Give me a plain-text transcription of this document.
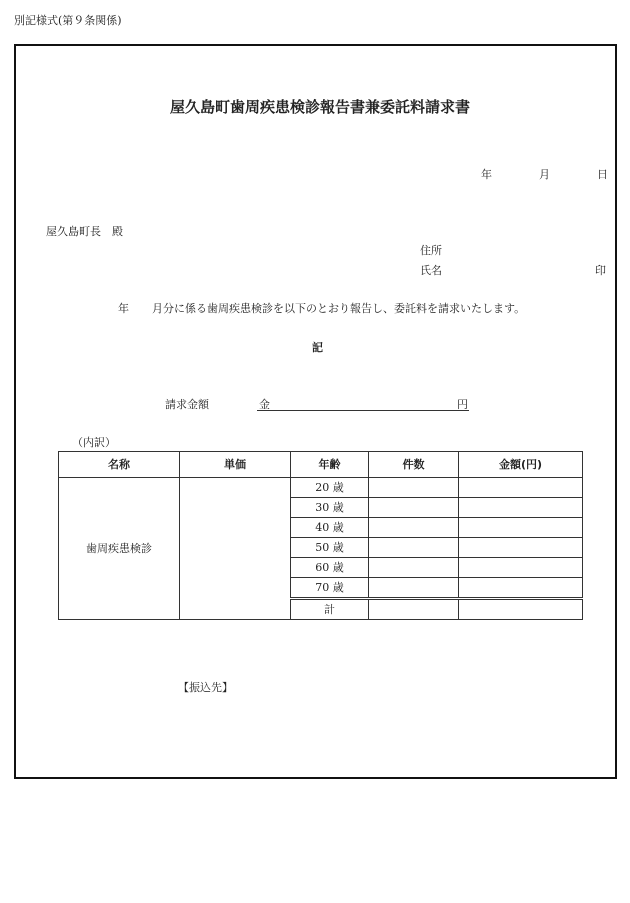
別記様式(第９条関係)
屋久島町歯周疾患検診報告書兼委託料請求書
年	月	日
屋久島町長　殿
住所
氏名	印
年 月分に係る歯周疾患検診を以下のとおり報告し、委託料を請求いたします。
記
請求金額	金	円
（内訳）
名称	単価	年齢	件数	金額(円)
歯周疾患検診		20 歳		
		30 歳		
		40 歳		
		50 歳		
		60 歳		
		70 歳		
		計		
【振込先】
